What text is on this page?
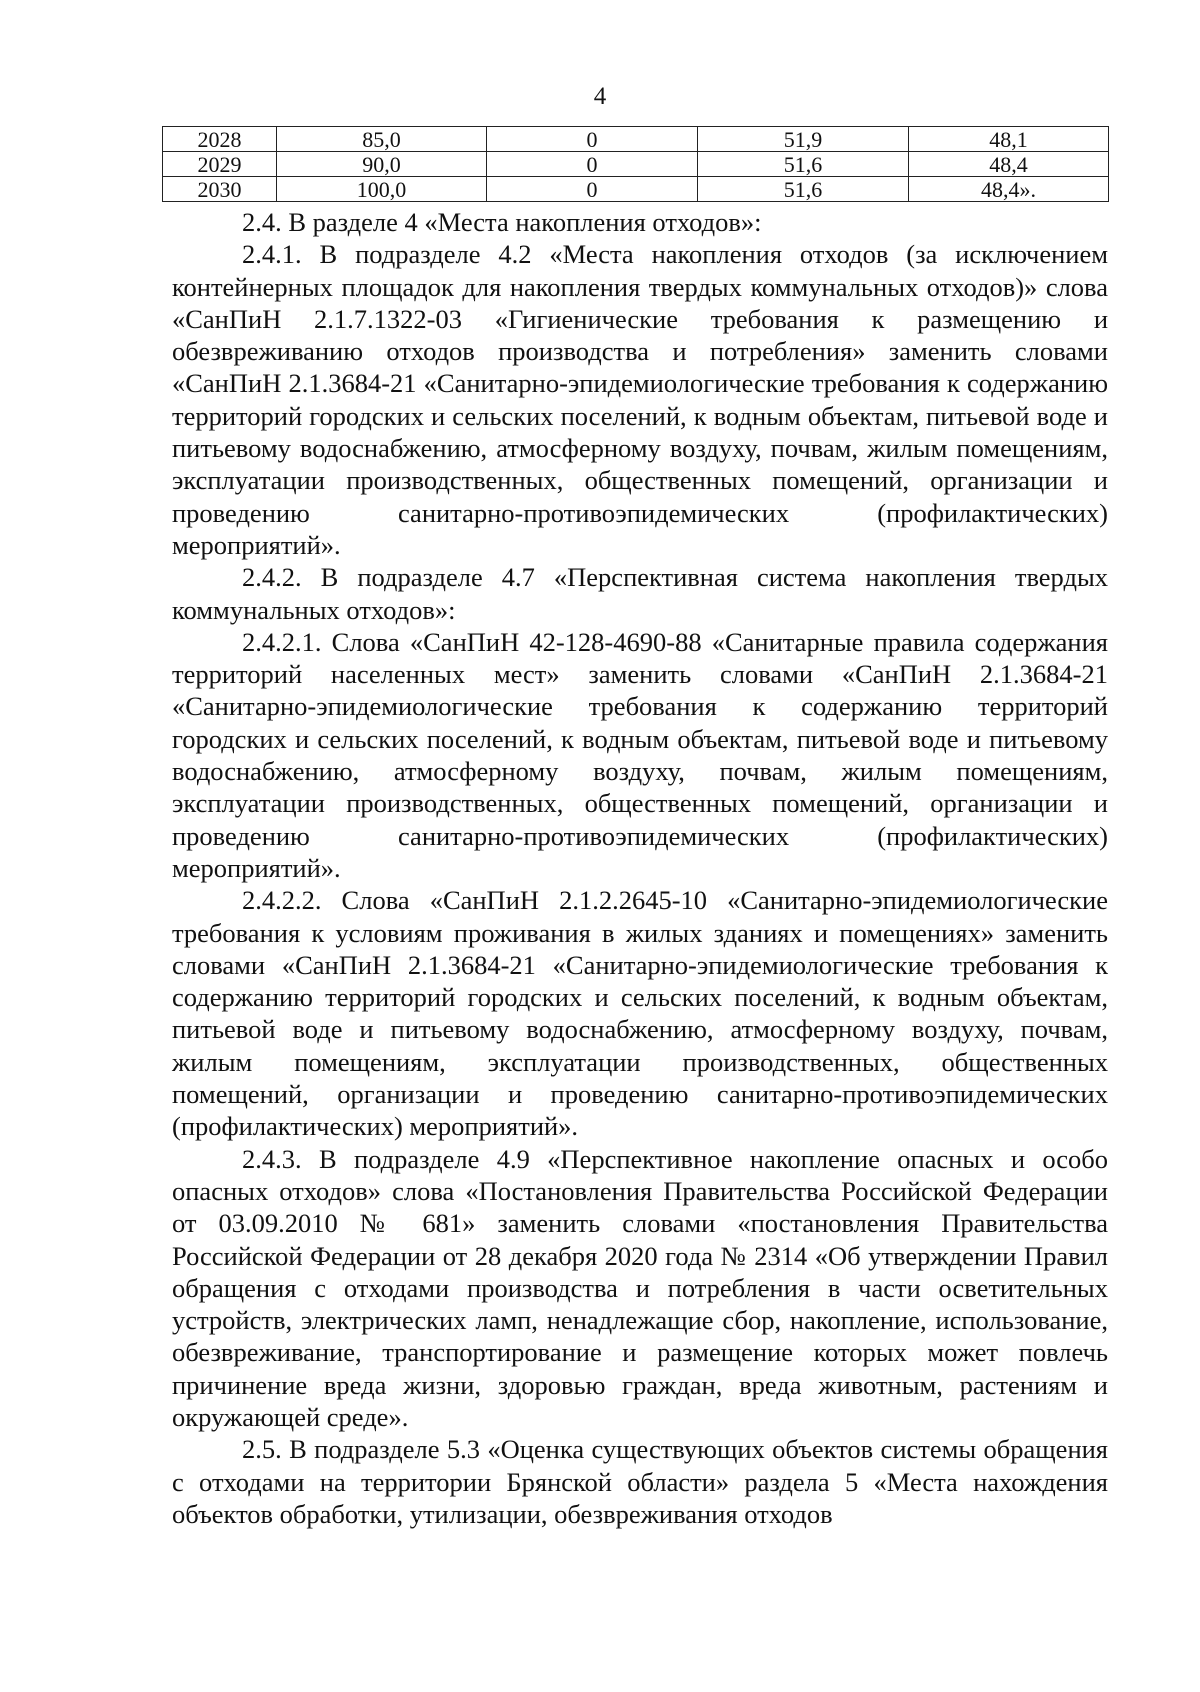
4
2028	85,0	0	51,9	48,1
2029	90,0	0	51,6	48,4
2030	100,0	0	51,6	48,4».

2.4. В разделе 4 «Места накопления отходов»:

2.4.1. В подразделе 4.2 «Места накопления отходов (за исключением контейнерных площадок для накопления твердых коммунальных отходов)» слова «СанПиН 2.1.7.1322-03 «Гигиенические требования к размещению и обезвреживанию отходов производства и потребления» заменить словами «СанПиН 2.1.3684-21 «Санитарно-эпидемиологические требования к содержанию территорий городских и сельских поселений, к водным объектам, питьевой воде и питьевому водоснабжению, атмосферному воздуху, почвам, жилым помещениям, эксплуатации производственных, общественных помещений, организации и проведению санитарно-противоэпидемических (профилактических) мероприятий».

2.4.2. В подразделе 4.7 «Перспективная система накопления твердых коммунальных отходов»:

2.4.2.1. Слова «СанПиН 42-128-4690-88 «Санитарные правила содержания территорий населенных мест» заменить словами «СанПиН 2.1.3684-21 «Санитарно-эпидемиологические требования к содержанию территорий городских и сельских поселений, к водным объектам, питьевой воде и питьевому водоснабжению, атмосферному воздуху, почвам, жилым помещениям, эксплуатации производственных, общественных помещений, организации и проведению санитарно-противоэпидемических (профилактических) мероприятий».

2.4.2.2. Слова «СанПиН 2.1.2.2645-10 «Санитарно-эпидемиологические требования к условиям проживания в жилых зданиях и помещениях» заменить словами «СанПиН 2.1.3684-21 «Санитарно-эпидемиологические требования к содержанию территорий городских и сельских поселений, к водным объектам, питьевой воде и питьевому водоснабжению, атмосферному воздуху, почвам, жилым помещениям, эксплуатации производственных, общественных помещений, организации и проведению санитарно-противоэпидемических (профилактических) мероприятий».

2.4.3. В подразделе 4.9 «Перспективное накопление опасных и особо опасных отходов» слова «Постановления Правительства Российской Федерации от 03.09.2010 № 681» заменить словами «постановления Правительства Российской Федерации от 28 декабря 2020 года № 2314 «Об утверждении Правил обращения с отходами производства и потребления в части осветительных устройств, электрических ламп, ненадлежащие сбор, накопление, использование, обезвреживание, транспортирование и размещение которых может повлечь причинение вреда жизни, здоровью граждан, вреда животным, растениям и окружающей среде».

2.5. В подразделе 5.3 «Оценка существующих объектов системы обращения с отходами на территории Брянской области» раздела 5 «Места нахождения объектов обработки, утилизации, обезвреживания отходов
